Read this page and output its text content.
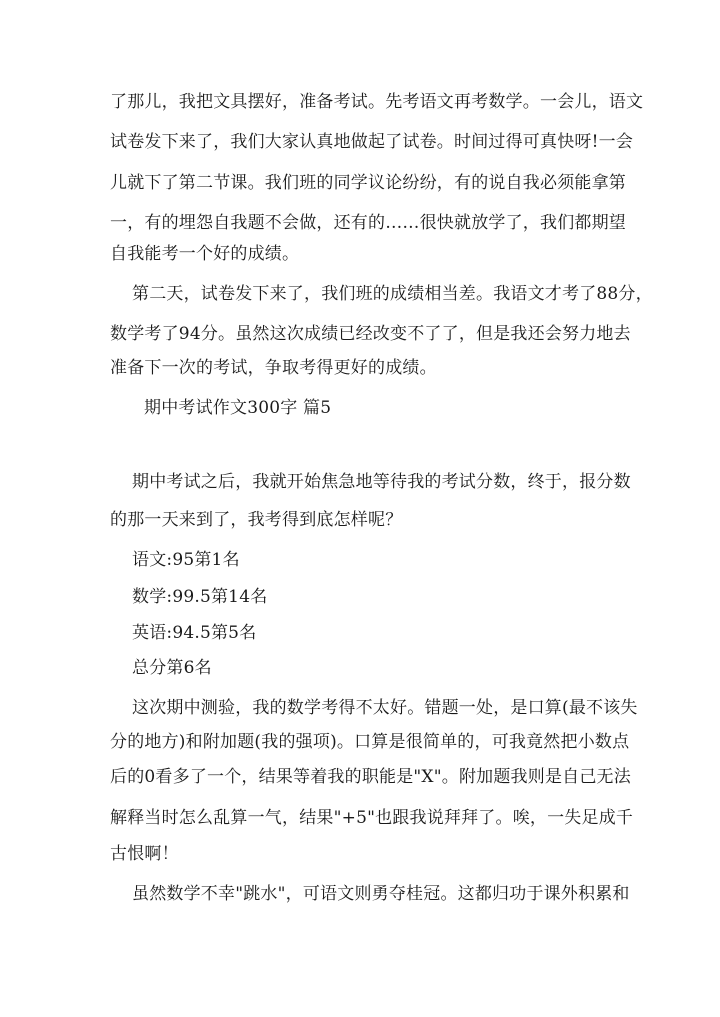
了那儿，我把文具摆好，准备考试。先考语文再考数学。一会儿，语文
试卷发下来了，我们大家认真地做起了试卷。时间过得可真快呀!一会
儿就下了第二节课。我们班的同学议论纷纷，有的说自我必须能拿第
一，有的埋怨自我题不会做，还有的……很快就放学了，我们都期望
自我能考一个好的成绩。
第二天，试卷发下来了，我们班的成绩相当差。我语文才考了88分，
数学考了94分。虽然这次成绩已经改变不了了，但是我还会努力地去
准备下一次的考试，争取考得更好的成绩。
期中考试作文300字 篇5
期中考试之后，我就开始焦急地等待我的考试分数，终于，报分数
的那一天来到了，我考得到底怎样呢？
语文:95第1名
数学:99.5第14名
英语:94.5第5名
总分第6名
这次期中测验，我的数学考得不太好。错题一处，是口算(最不该失
分的地方)和附加题(我的强项)。口算是很简单的，可我竟然把小数点
后的0看多了一个，结果等着我的职能是"X"。附加题我则是自己无法
解释当时怎么乱算一气，结果"+5"也跟我说拜拜了。唉，一失足成千
古恨啊！
虽然数学不幸"跳水"，可语文则勇夺桂冠。这都归功于课外积累和
